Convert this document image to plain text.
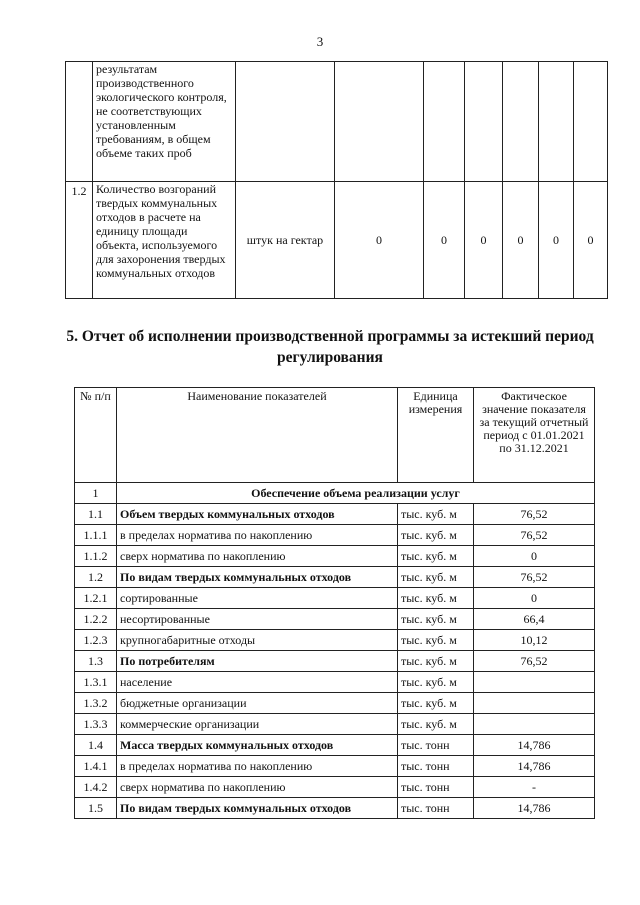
3
	результатам производственного экологического контроля, не соответствующих установленным требованиям, в общем объеме таких проб							
1.2	Количество возгораний твердых коммунальных отходов в расчете на единицу площади объекта, используемого для захоронения твердых коммунальных отходов	штук на гектар	0	0	0	0	0	0
5. Отчет об исполнении производственной программы за истекший период регулирования
№ п/п	Наименование показателей	Единица измерения	Фактическое значение показателя за текущий отчетный период с 01.01.2021 по 31.12.2021
1	Обеспечение объема реализации услуг		
1.1	Объем твердых коммунальных отходов	тыс. куб. м	76,52
1.1.1	в пределах норматива по накоплению	тыс. куб. м	76,52
1.1.2	сверх норматива по накоплению	тыс. куб. м	0
1.2	По видам твердых коммунальных отходов	тыс. куб. м	76,52
1.2.1	сортированные	тыс. куб. м	0
1.2.2	несортированные	тыс. куб. м	66,4
1.2.3	крупногабаритные отходы	тыс. куб. м	10,12
1.3	По потребителям	тыс. куб. м	76,52
1.3.1	население	тыс. куб. м	
1.3.2	бюджетные организации	тыс. куб. м	
1.3.3	коммерческие организации	тыс. куб. м	
1.4	Масса твердых коммунальных отходов	тыс. тонн	14,786
1.4.1	в пределах норматива по накоплению	тыс. тонн	14,786
1.4.2	сверх норматива по накоплению	тыс. тонн	-
1.5	По видам твердых коммунальных отходов	тыс. тонн	14,786
